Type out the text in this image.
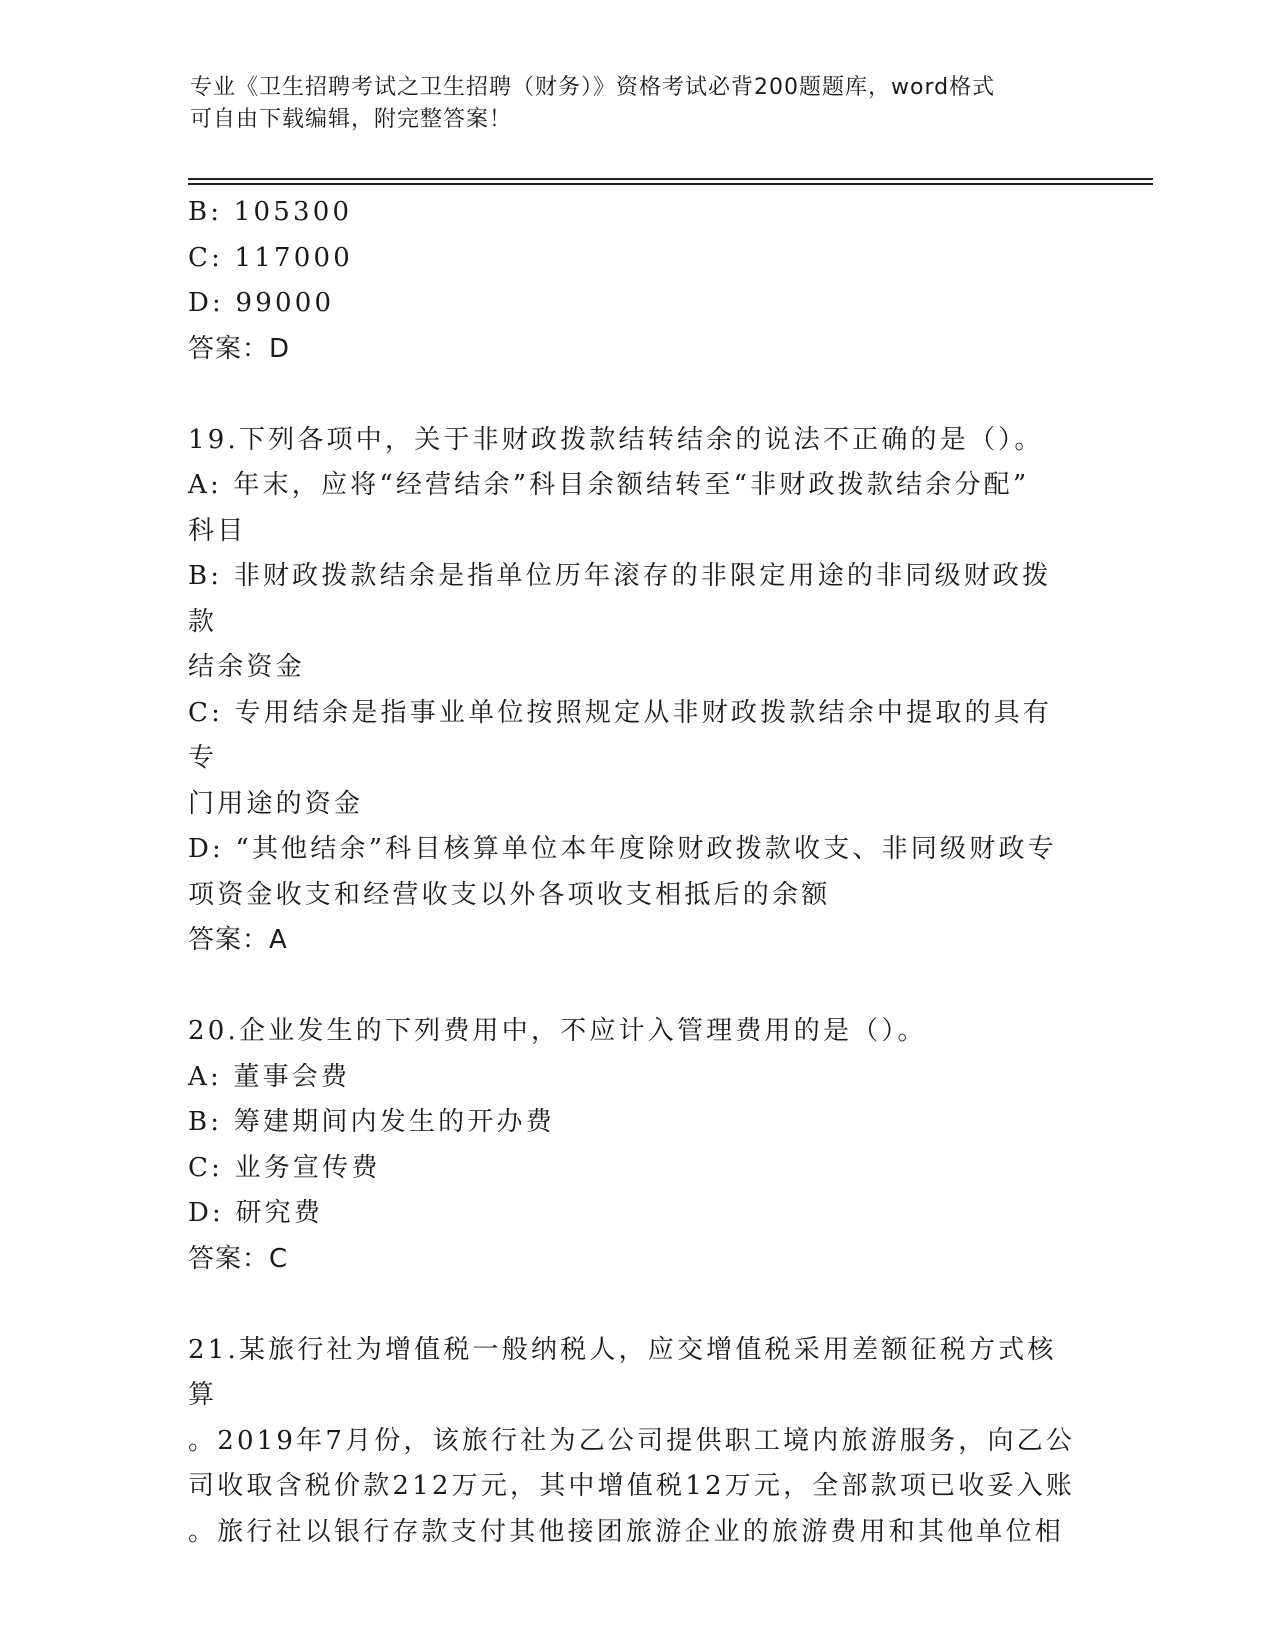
专业《卫生招聘考试之卫生招聘（财务）》资格考试必背200题题库，word格式
可自由下载编辑，附完整答案！
B: 105300
C: 117000
D: 99000
答案：D
19.下列各项中，关于非财政拨款结转结余的说法不正确的是（）。
A: 年末，应将“经营结余”科目余额结转至“非财政拨款结余分配”
科目
B: 非财政拨款结余是指单位历年滚存的非限定用途的非同级财政拨款
结余资金
C: 专用结余是指事业单位按照规定从非财政拨款结余中提取的具有专
门用途的资金
D: “其他结余”科目核算单位本年度除财政拨款收支、非同级财政专
项资金收支和经营收支以外各项收支相抵后的余额
答案：A
20.企业发生的下列费用中，不应计入管理费用的是（）。
A: 董事会费
B: 筹建期间内发生的开办费
C: 业务宣传费
D: 研究费
答案：C
21.某旅行社为增值税一般纳税人，应交增值税采用差额征税方式核算
。2019年7月份，该旅行社为乙公司提供职工境内旅游服务，向乙公
司收取含税价款212万元，其中增值税12万元，全部款项已收妥入账
。旅行社以银行存款支付其他接团旅游企业的旅游费用和其他单位相
